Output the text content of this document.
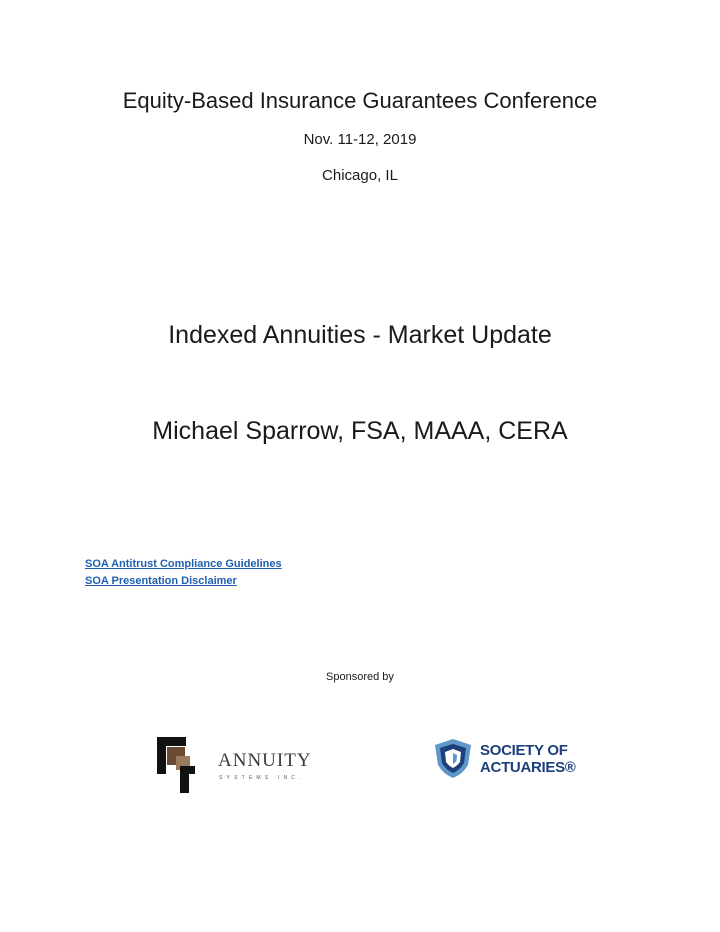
Equity-Based Insurance Guarantees Conference
Nov. 11-12, 2019
Chicago, IL
Indexed Annuities - Market Update
Michael Sparrow, FSA, MAAA, CERA
SOA Antitrust Compliance Guidelines
SOA Presentation Disclaimer
Sponsored by
ANNUITY
SYSTEMS INC.
SOCIETY OF
ACTUARIES®
